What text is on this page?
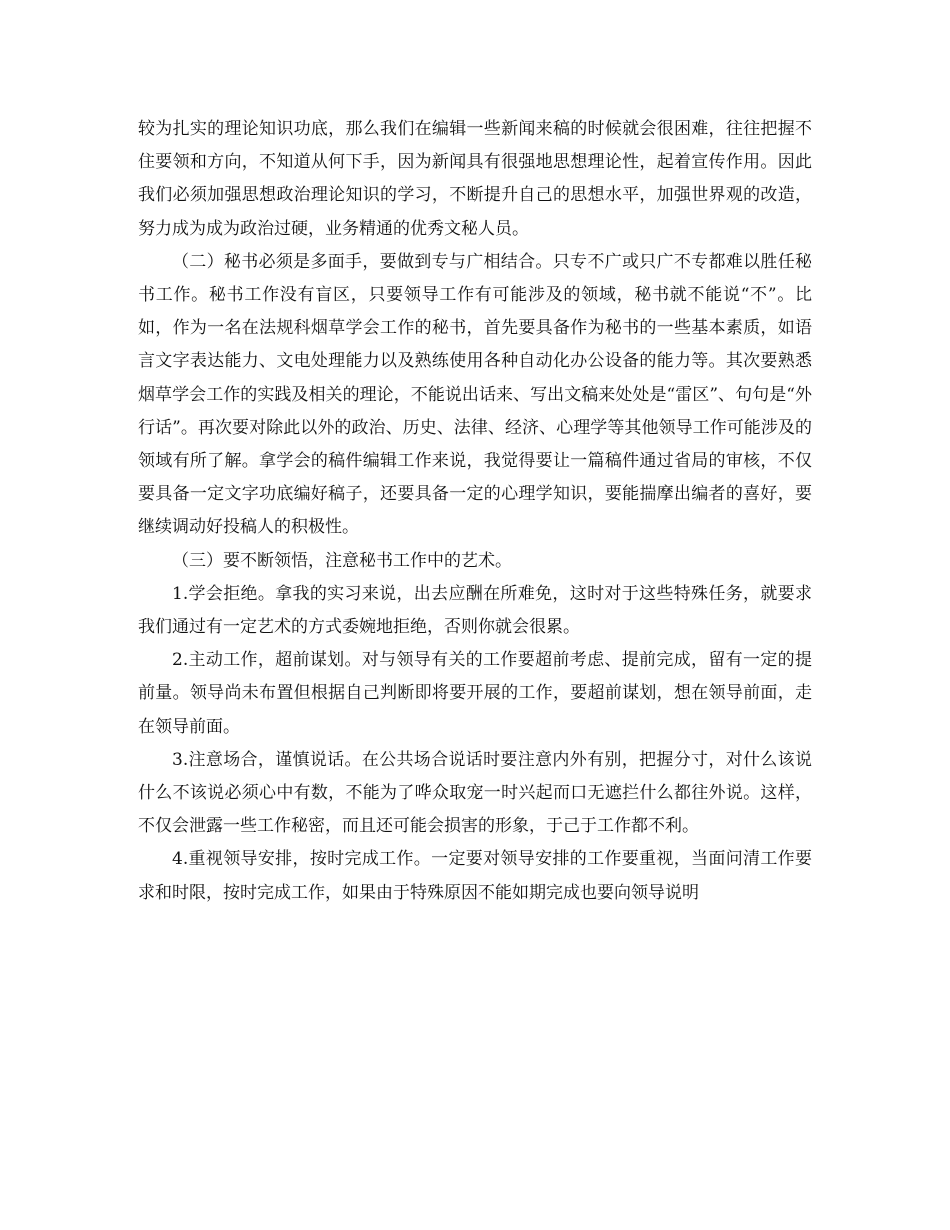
较为扎实的理论知识功底，那么我们在编辑一些新闻来稿的时候就会很困难，往往把握不住要领和方向，不知道从何下手，因为新闻具有很强地思想理论性，起着宣传作用。因此我们必须加强思想政治理论知识的学习，不断提升自己的思想水平，加强世界观的改造，努力成为成为政治过硬，业务精通的优秀文秘人员。

（二）秘书必须是多面手，要做到专与广相结合。只专不广或只广不专都难以胜任秘书工作。秘书工作没有盲区，只要领导工作有可能涉及的领域，秘书就不能说“不”。比如，作为一名在法规科烟草学会工作的秘书，首先要具备作为秘书的一些基本素质，如语言文字表达能力、文电处理能力以及熟练使用各种自动化办公设备的能力等。其次要熟悉烟草学会工作的实践及相关的理论，不能说出话来、写出文稿来处处是“雷区”、句句是“外行话”。再次要对除此以外的政治、历史、法律、经济、心理学等其他领导工作可能涉及的领域有所了解。拿学会的稿件编辑工作来说，我觉得要让一篇稿件通过省局的审核，不仅要具备一定文字功底编好稿子，还要具备一定的心理学知识，要能揣摩出编者的喜好，要继续调动好投稿人的积极性。

（三）要不断领悟，注意秘书工作中的艺术。

1.学会拒绝。拿我的实习来说，出去应酬在所难免，这时对于这些特殊任务，就要求我们通过有一定艺术的方式委婉地拒绝，否则你就会很累。

2.主动工作，超前谋划。对与领导有关的工作要超前考虑、提前完成，留有一定的提前量。领导尚未布置但根据自己判断即将要开展的工作，要超前谋划，想在领导前面，走在领导前面。

3.注意场合，谨慎说话。在公共场合说话时要注意内外有别，把握分寸，对什么该说什么不该说必须心中有数，不能为了哗众取宠一时兴起而口无遮拦什么都往外说。这样，不仅会泄露一些工作秘密，而且还可能会损害的形象，于己于工作都不利。

4.重视领导安排，按时完成工作。一定要对领导安排的工作要重视，当面问清工作要求和时限，按时完成工作，如果由于特殊原因不能如期完成也要向领导说明
